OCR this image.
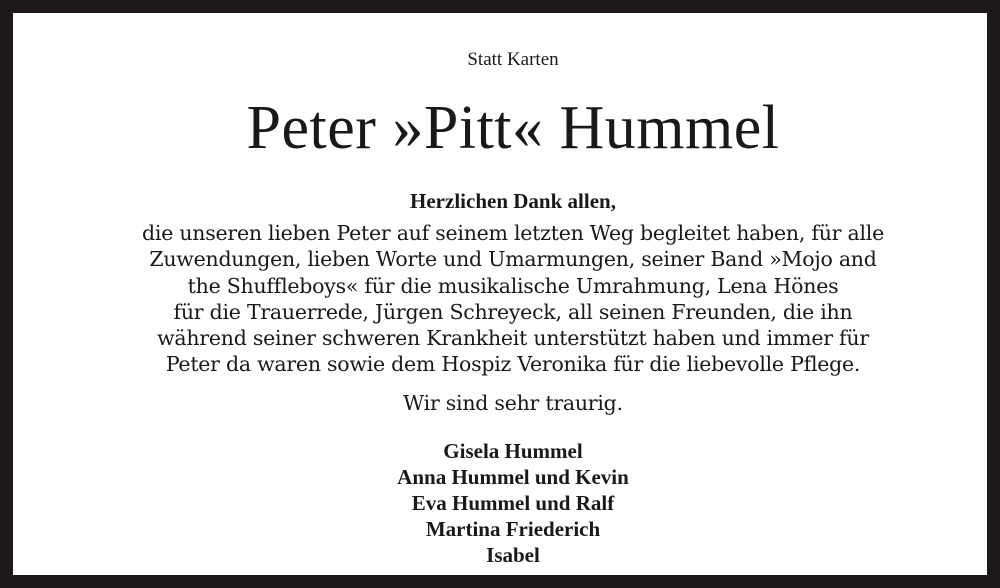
Statt Karten
Peter »Pitt« Hummel
Herzlichen Dank allen,
die unseren lieben Peter auf seinem letzten Weg begleitet haben, für alle
Zuwendungen, lieben Worte und Umarmungen, seiner Band »Mojo and
the Shuffleboys« für die musikalische Umrahmung, Lena Hönes
für die Trauerrede, Jürgen Schreyeck, all seinen Freunden, die ihn
während seiner schweren Krankheit unterstützt haben und immer für
Peter da waren sowie dem Hospiz Veronika für die liebevolle Pflege.
Wir sind sehr traurig.
Gisela Hummel
Anna Hummel und Kevin
Eva Hummel und Ralf
Martina Friederich
Isabel
